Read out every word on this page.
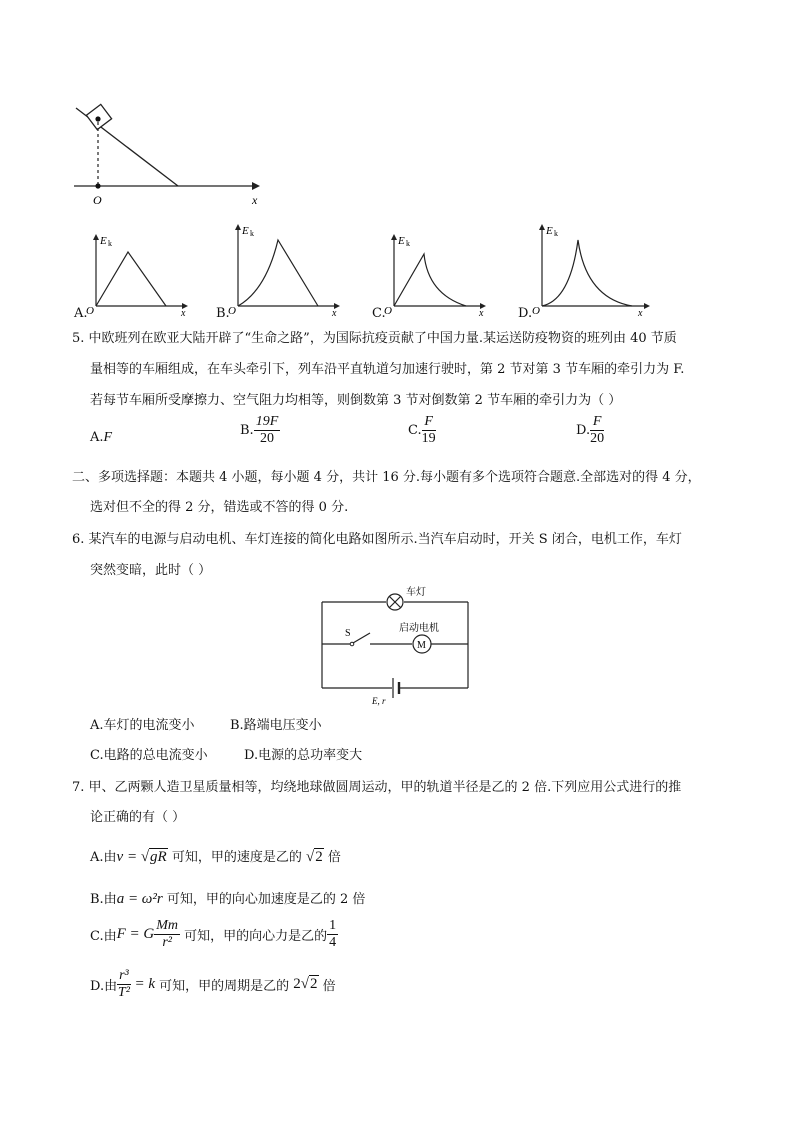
O	x
A.
E k
O	x B.
E k
O	x	C.
E k
O	x	D.
E k
O	x
5. 中欧班列在欧亚大陆开辟了“生命之路”，为国际抗疫贡献了中国力量.某运送防疫物资的班列由 40 节质
量相等的车厢组成，在车头牵引下，列车沿平直轨道匀加速行驶时，第 2 节对第 3 节车厢的牵引力为 F.
若每节车厢所受摩擦力、空气阻力均相等，则倒数第 3 节对倒数第 2 节车厢的牵引力为（ ）
A.F	B. $\frac{19F}{20}$	C. $\frac{F}{19}$	D. $\frac{F}{20}$
二、多项选择题：本题共 4 小题，每小题 4 分，共计 16 分.每小题有多个选项符合题意.全部选对的得 4 分，
选对但不全的得 2 分，错选或不答的得 0 分.
6. 某汽车的电源与启动电机、车灯连接的简化电路如图所示.当汽车启动时，开关 S 闭合，电机工作，车灯
突然变暗，此时（ ）
车灯
S
M
启动电机
E, r
A.车灯的电流变小	B.路端电压变小
C.电路的总电流变小	D.电源的总功率变大
7. 甲、乙两颗人造卫星质量相等，均绕地球做圆周运动，甲的轨道半径是乙的 2 倍.下列应用公式进行的推
论正确的有（ ）
A.由v = √gR 可知，甲的速度是乙的 √2 倍
B.由a = ω²r 可知，甲的向心加速度是乙的 2 倍
C.由F = G $\frac{Mm}{\text{r²}}$ 可知，甲的向心力是乙的 $\frac{1}{4}$
D.由 $\frac{\text{r³}}{\text{T²}} = k$ 可知，甲的周期是乙的 2√2 倍
